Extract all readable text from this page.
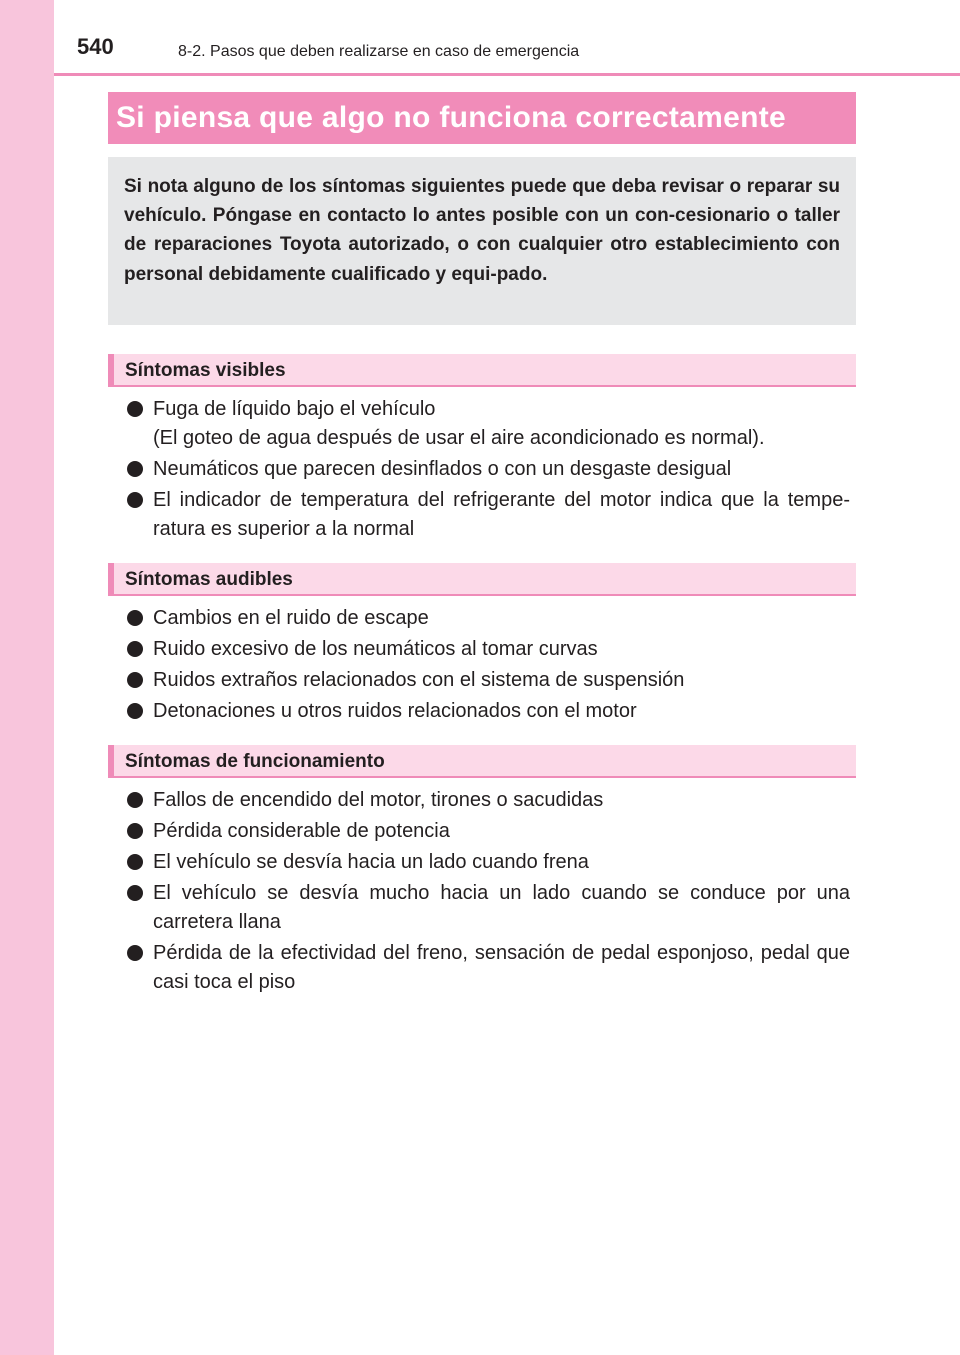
540	8-2. Pasos que deben realizarse en caso de emergencia
Si piensa que algo no funciona correctamente

Si nota alguno de los síntomas siguientes puede que deba revisar o reparar su vehículo. Póngase en contacto lo antes posible con un con-cesionario o taller de reparaciones Toyota autorizado, o con cualquier otro establecimiento con personal debidamente cualificado y equi-pado.

Síntomas visibles
Fuga de líquido bajo el vehículo
(El goteo de agua después de usar el aire acondicionado es normal).
Neumáticos que parecen desinflados o con un desgaste desigual
El indicador de temperatura del refrigerante del motor indica que la tempe-ratura es superior a la normal
Síntomas audibles
Cambios en el ruido de escape
Ruido excesivo de los neumáticos al tomar curvas
Ruidos extraños relacionados con el sistema de suspensión
Detonaciones u otros ruidos relacionados con el motor
Síntomas de funcionamiento
Fallos de encendido del motor, tirones o sacudidas
Pérdida considerable de potencia
El vehículo se desvía hacia un lado cuando frena
El vehículo se desvía mucho hacia un lado cuando se conduce por una carretera llana
Pérdida de la efectividad del freno, sensación de pedal esponjoso, pedal que casi toca el piso
